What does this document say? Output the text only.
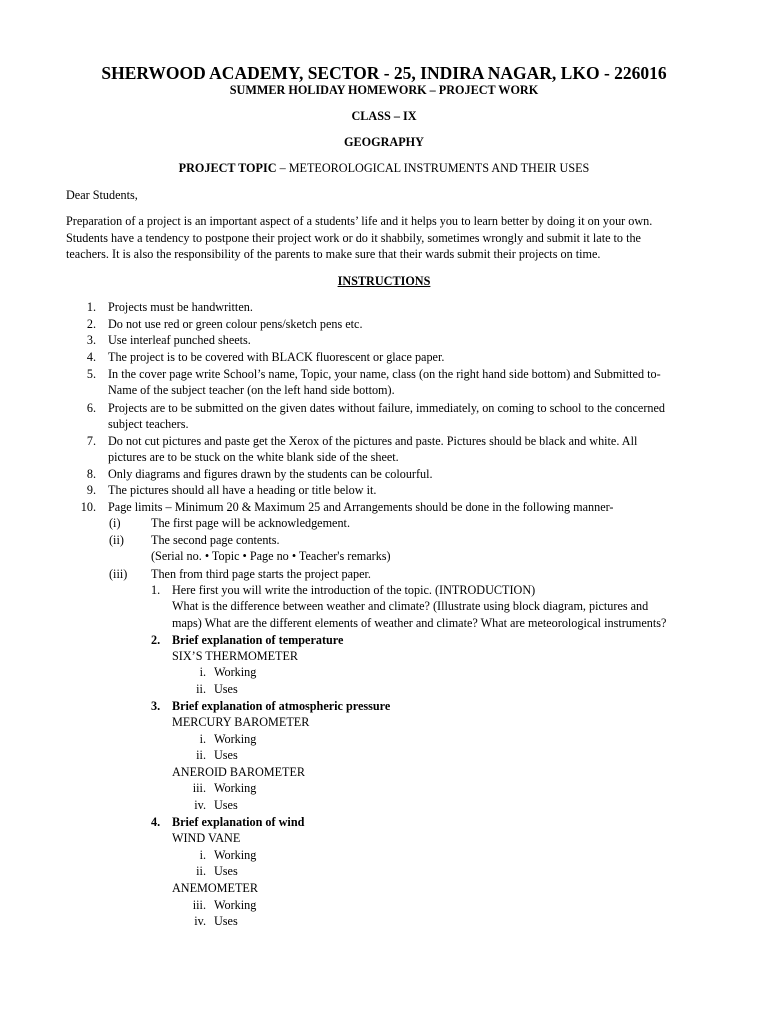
SHERWOOD ACADEMY, SECTOR - 25, INDIRA NAGAR, LKO - 226016
SUMMER HOLIDAY HOMEWORK – PROJECT WORK
CLASS – IX
GEOGRAPHY
PROJECT TOPIC – METEOROLOGICAL INSTRUMENTS AND THEIR USES
Dear Students,
Preparation of a project is an important aspect of a students’ life and it helps you to learn better by doing it on your own.
Students have a tendency to postpone their project work or do it shabbily, sometimes wrongly and submit it late to the
teachers. It is also the responsibility of the parents to make sure that their wards submit their projects on time.
INSTRUCTIONS
1. Projects must be handwritten.
2. Do not use red or green colour pens/sketch pens etc.
3. Use interleaf punched sheets.
4. The project is to be covered with BLACK fluorescent or glace paper.
5. In the cover page write School’s name, Topic, your name, class (on the right hand side bottom) and Submitted to-
Name of the subject teacher (on the left hand side bottom).
6. Projects are to be submitted on the given dates without failure, immediately, on coming to school to the concerned
subject teachers.
7. Do not cut pictures and paste get the Xerox of the pictures and paste. Pictures should be black and white. All
pictures are to be stuck on the white blank side of the sheet.
8. Only diagrams and figures drawn by the students can be colourful.
9. The pictures should all have a heading or title below it.
10. Page limits – Minimum 20 & Maximum 25 and Arrangements should be done in the following manner-
(i) The first page will be acknowledgement.
(ii) The second page contents.
(Serial no. • Topic • Page no • Teacher's remarks)
(iii) Then from third page starts the project paper.
1. Here first you will write the introduction of the topic. (INTRODUCTION)
What is the difference between weather and climate? (Illustrate using block diagram, pictures and
maps) What are the different elements of weather and climate? What are meteorological instruments?
2. Brief explanation of temperature
SIX’S THERMOMETER
i. Working
ii. Uses
3. Brief explanation of atmospheric pressure
MERCURY BAROMETER
i. Working
ii. Uses
ANEROID BAROMETER
iii. Working
iv. Uses
4. Brief explanation of wind
WIND VANE
i. Working
ii. Uses
ANEMOMETER
iii. Working
iv. Uses
